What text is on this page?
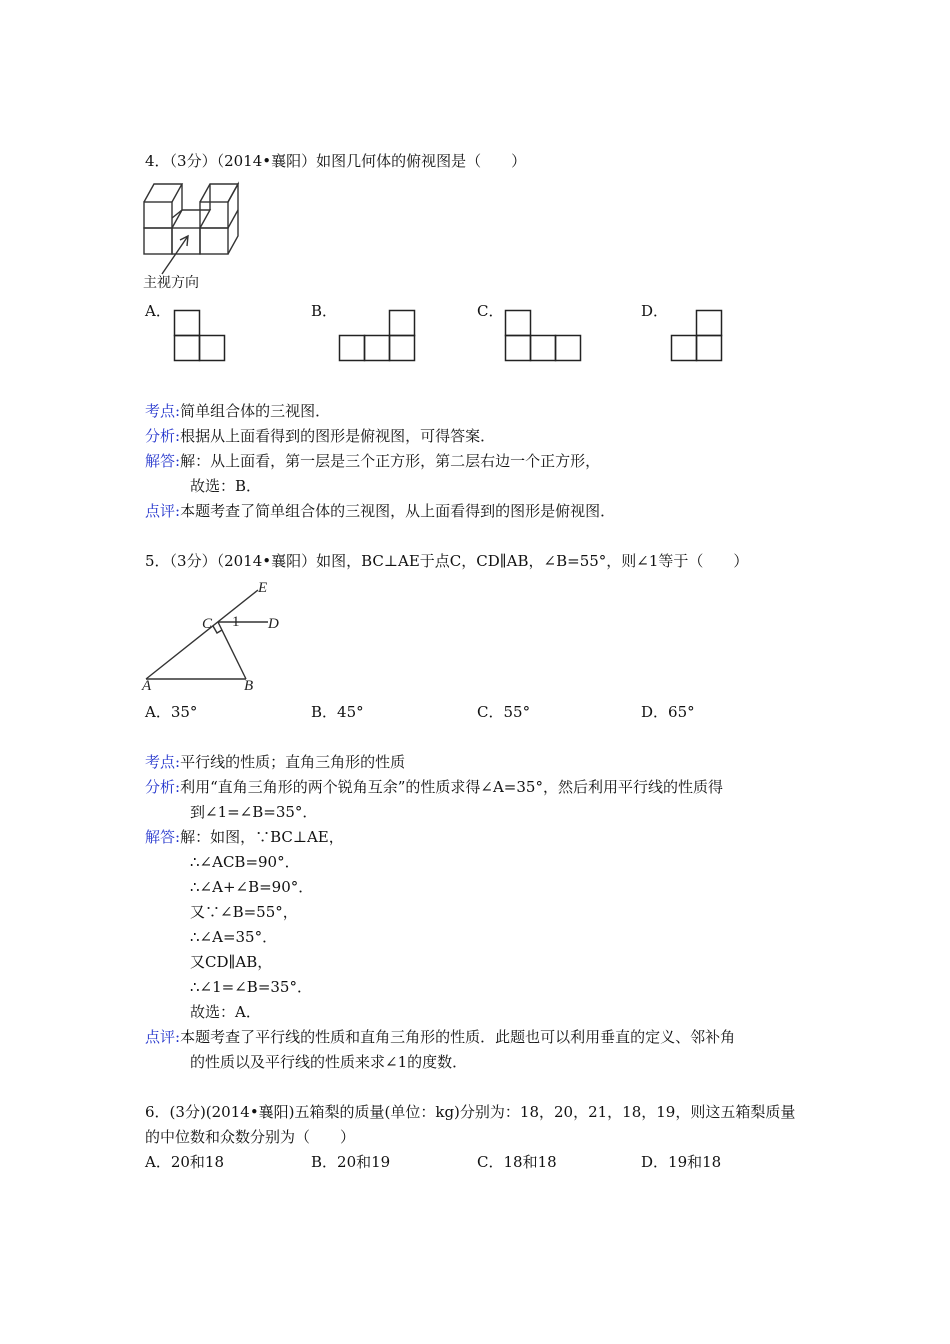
4．（3分）（2014•襄阳）如图几何体的俯视图是（　　）
主视方向
A．	B．	C．	D．
考点:简单组合体的三视图．
分析:根据从上面看得到的图形是俯视图，可得答案．
解答:解：从上面看，第一层是三个正方形，第二层右边一个正方形，
故选：B．
点评:本题考查了简单组合体的三视图，从上面看得到的图形是俯视图．
5．（3分）（2014•襄阳）如图，BC⊥AE于点C，CD∥AB，∠B=55°，则∠1等于（　　）
E
C	D
A	B
1
A．35°	B．45°	C．55°	D．65°
考点:平行线的性质；直角三角形的性质
分析:利用“直角三角形的两个锐角互余”的性质求得∠A=35°，然后利用平行线的性质得
到∠1=∠B=35°．
解答:解：如图，∵BC⊥AE，
∴∠ACB=90°．
∴∠A+∠B=90°．
又∵∠B=55°，
∴∠A=35°．
又CD∥AB，
∴∠1=∠B=35°．
故选：A．
点评:本题考查了平行线的性质和直角三角形的性质．此题也可以利用垂直的定义、邻补角
的性质以及平行线的性质来求∠1的度数．
6．(3分)(2014•襄阳)五箱梨的质量(单位：kg)分别为：18，20，21，18，19，则这五箱梨质量
的中位数和众数分别为（　　）
A．20和18	B．20和19	C．18和18	D．19和18
